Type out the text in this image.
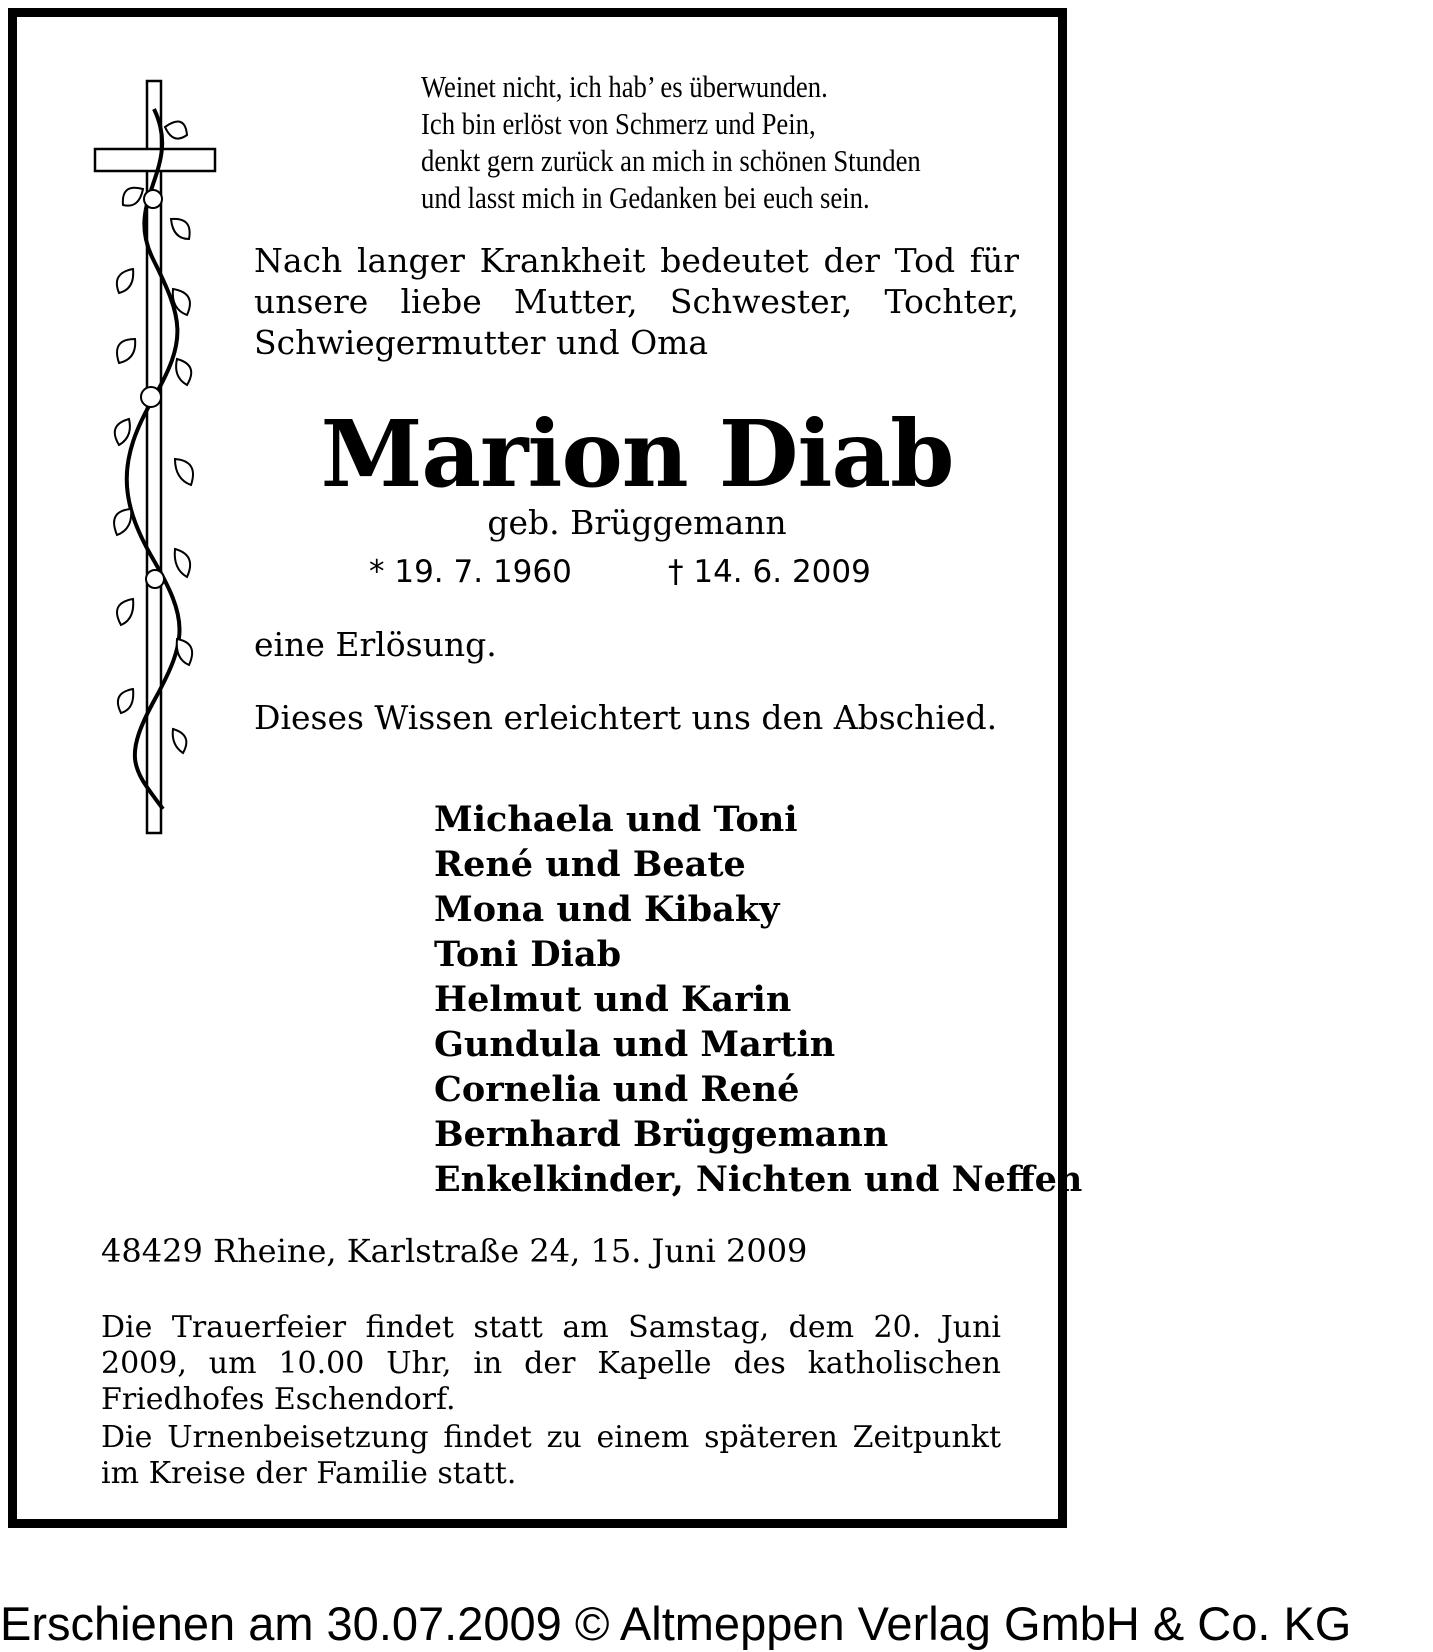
Weinet nicht, ich hab’ es überwunden.
Ich bin erlöst von Schmerz und Pein,
denkt gern zurück an mich in schönen Stunden
und lasst mich in Gedanken bei euch sein.
Nach langer Krankheit bedeutet der Tod für unsere liebe Mutter, Schwester, Tochter,
Schwiegermutter und Oma
Marion Diab
geb. Brüggemann
* 19. 7. 1960	† 14. 6. 2009
eine Erlösung.
Dieses Wissen erleichtert uns den Abschied.
Michaela und Toni
René und Beate
Mona und Kibaky
Toni Diab
Helmut und Karin
Gundula und Martin
Cornelia und René
Bernhard Brüggemann
Enkelkinder, Nichten und Neffen
48429 Rheine, Karlstraße 24, 15. Juni 2009
Die Trauerfeier findet statt am Samstag, dem 20. Juni 2009, um 10.00 Uhr, in der Kapelle des katholischen Friedhofes Eschendorf.
Die Urnenbeisetzung findet zu einem späteren Zeitpunkt im Kreise der Familie statt.
Erschienen am 30.07.2009 © Altmeppen Verlag GmbH & Co. KG
